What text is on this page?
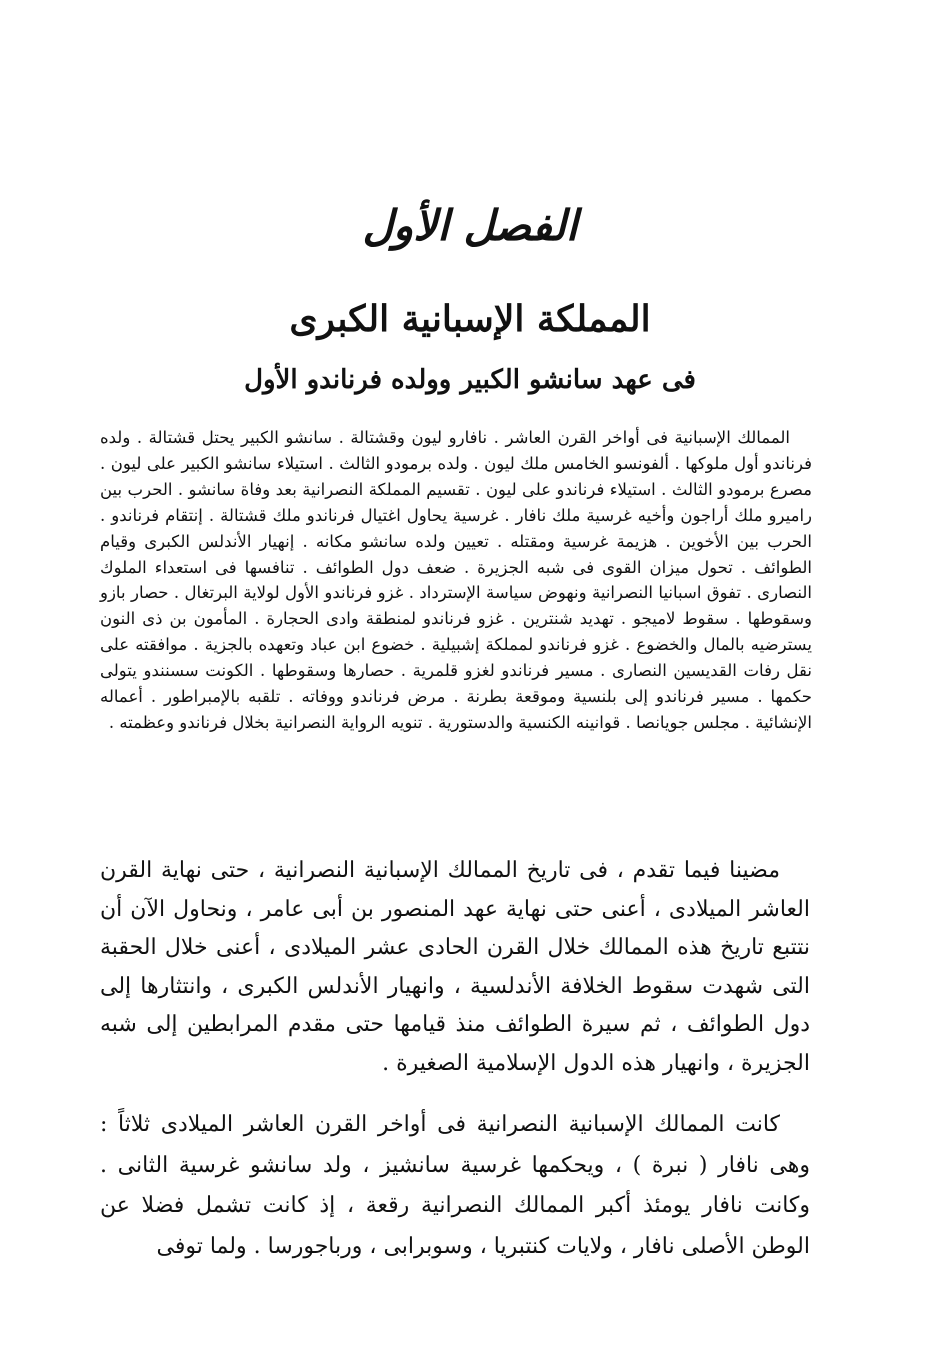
الفصل الأول
المملكة الإسبانية الكبرى
فى عهد سانشو الكبير وولده فرناندو الأول

الممالك الإسبانية فى أواخر القرن العاشر . نافارو ليون وقشتالة . سانشو الكبير يحتل قشتالة . ولده فرناندو أول ملوكها . ألفونسو الخامس ملك ليون . ولده برمودو الثالث . استيلاء سانشو الكبير على ليون . مصرع برمودو الثالث . استيلاء فرناندو على ليون . تقسيم المملكة النصرانية بعد وفاة سانشو . الحرب بين راميرو ملك أراجون وأخيه غرسية ملك نافار . غرسية يحاول اغتيال فرناندو ملك قشتالة . إنتقام فرناندو . الحرب بين الأخوين . هزيمة غرسية ومقتله . تعيين ولده سانشو مكانه . إنهيار الأندلس الكبرى وقيام الطوائف . تحول ميزان القوى فى شبه الجزيرة . ضعف دول الطوائف . تنافسها فى استعداء الملوك النصارى . تفوق اسبانيا النصرانية ونهوض سياسة الإسترداد . غزو فرناندو الأول لولاية البرتغال . حصار بازو وسقوطها . سقوط لاميجو . تهديد شنترين . غزو فرناندو لمنطقة وادى الحجارة . المأمون بن ذى النون يسترضيه بالمال والخضوع . غزو فرناندو لمملكة إشبيلية . خضوع ابن عباد وتعهده بالجزية . موافقته على نقل رفات القديسين النصارى . مسير فرناندو لغزو قلمرية . حصارها وسقوطها . الكونت سسنندو يتولى حكمها . مسير فرناندو إلى بلنسية وموقعة بطرنة . مرض فرناندو ووفاته . تلقبه بالإمبراطور . أعماله الإنشائية . مجلس جويانصا . قوانينه الكنسية والدستورية . تنويه الرواية النصرانية بخلال فرناندو وعظمته .

مضينا فيما تقدم ، فى تاريخ الممالك الإسبانية النصرانية ، حتى نهاية القرن العاشر الميلادى ، أعنى حتى نهاية عهد المنصور بن أبى عامر ، ونحاول الآن أن نتتبع تاريخ هذه الممالك خلال القرن الحادى عشر الميلادى ، أعنى خلال الحقبة التى شهدت سقوط الخلافة الأندلسية ، وانهيار الأندلس الكبرى ، وانتثارها إلى دول الطوائف ، ثم سيرة الطوائف منذ قيامها حتى مقدم المرابطين إلى شبه الجزيرة ، وانهيار هذه الدول الإسلامية الصغيرة .

كانت الممالك الإسبانية النصرانية فى أواخر القرن العاشر الميلادى ثلاثاً : وهى نافار ( نبرة ) ، ويحكمها غرسية سانشيز ، ولد سانشو غرسية الثانى . وكانت نافار يومئذ أكبر الممالك النصرانية رقعة ، إذ كانت تشمل فضلا عن الوطن الأصلى نافار ، ولايات كنتبريا ، وسوبرابى ، ورباجورسا . ولما توفى
